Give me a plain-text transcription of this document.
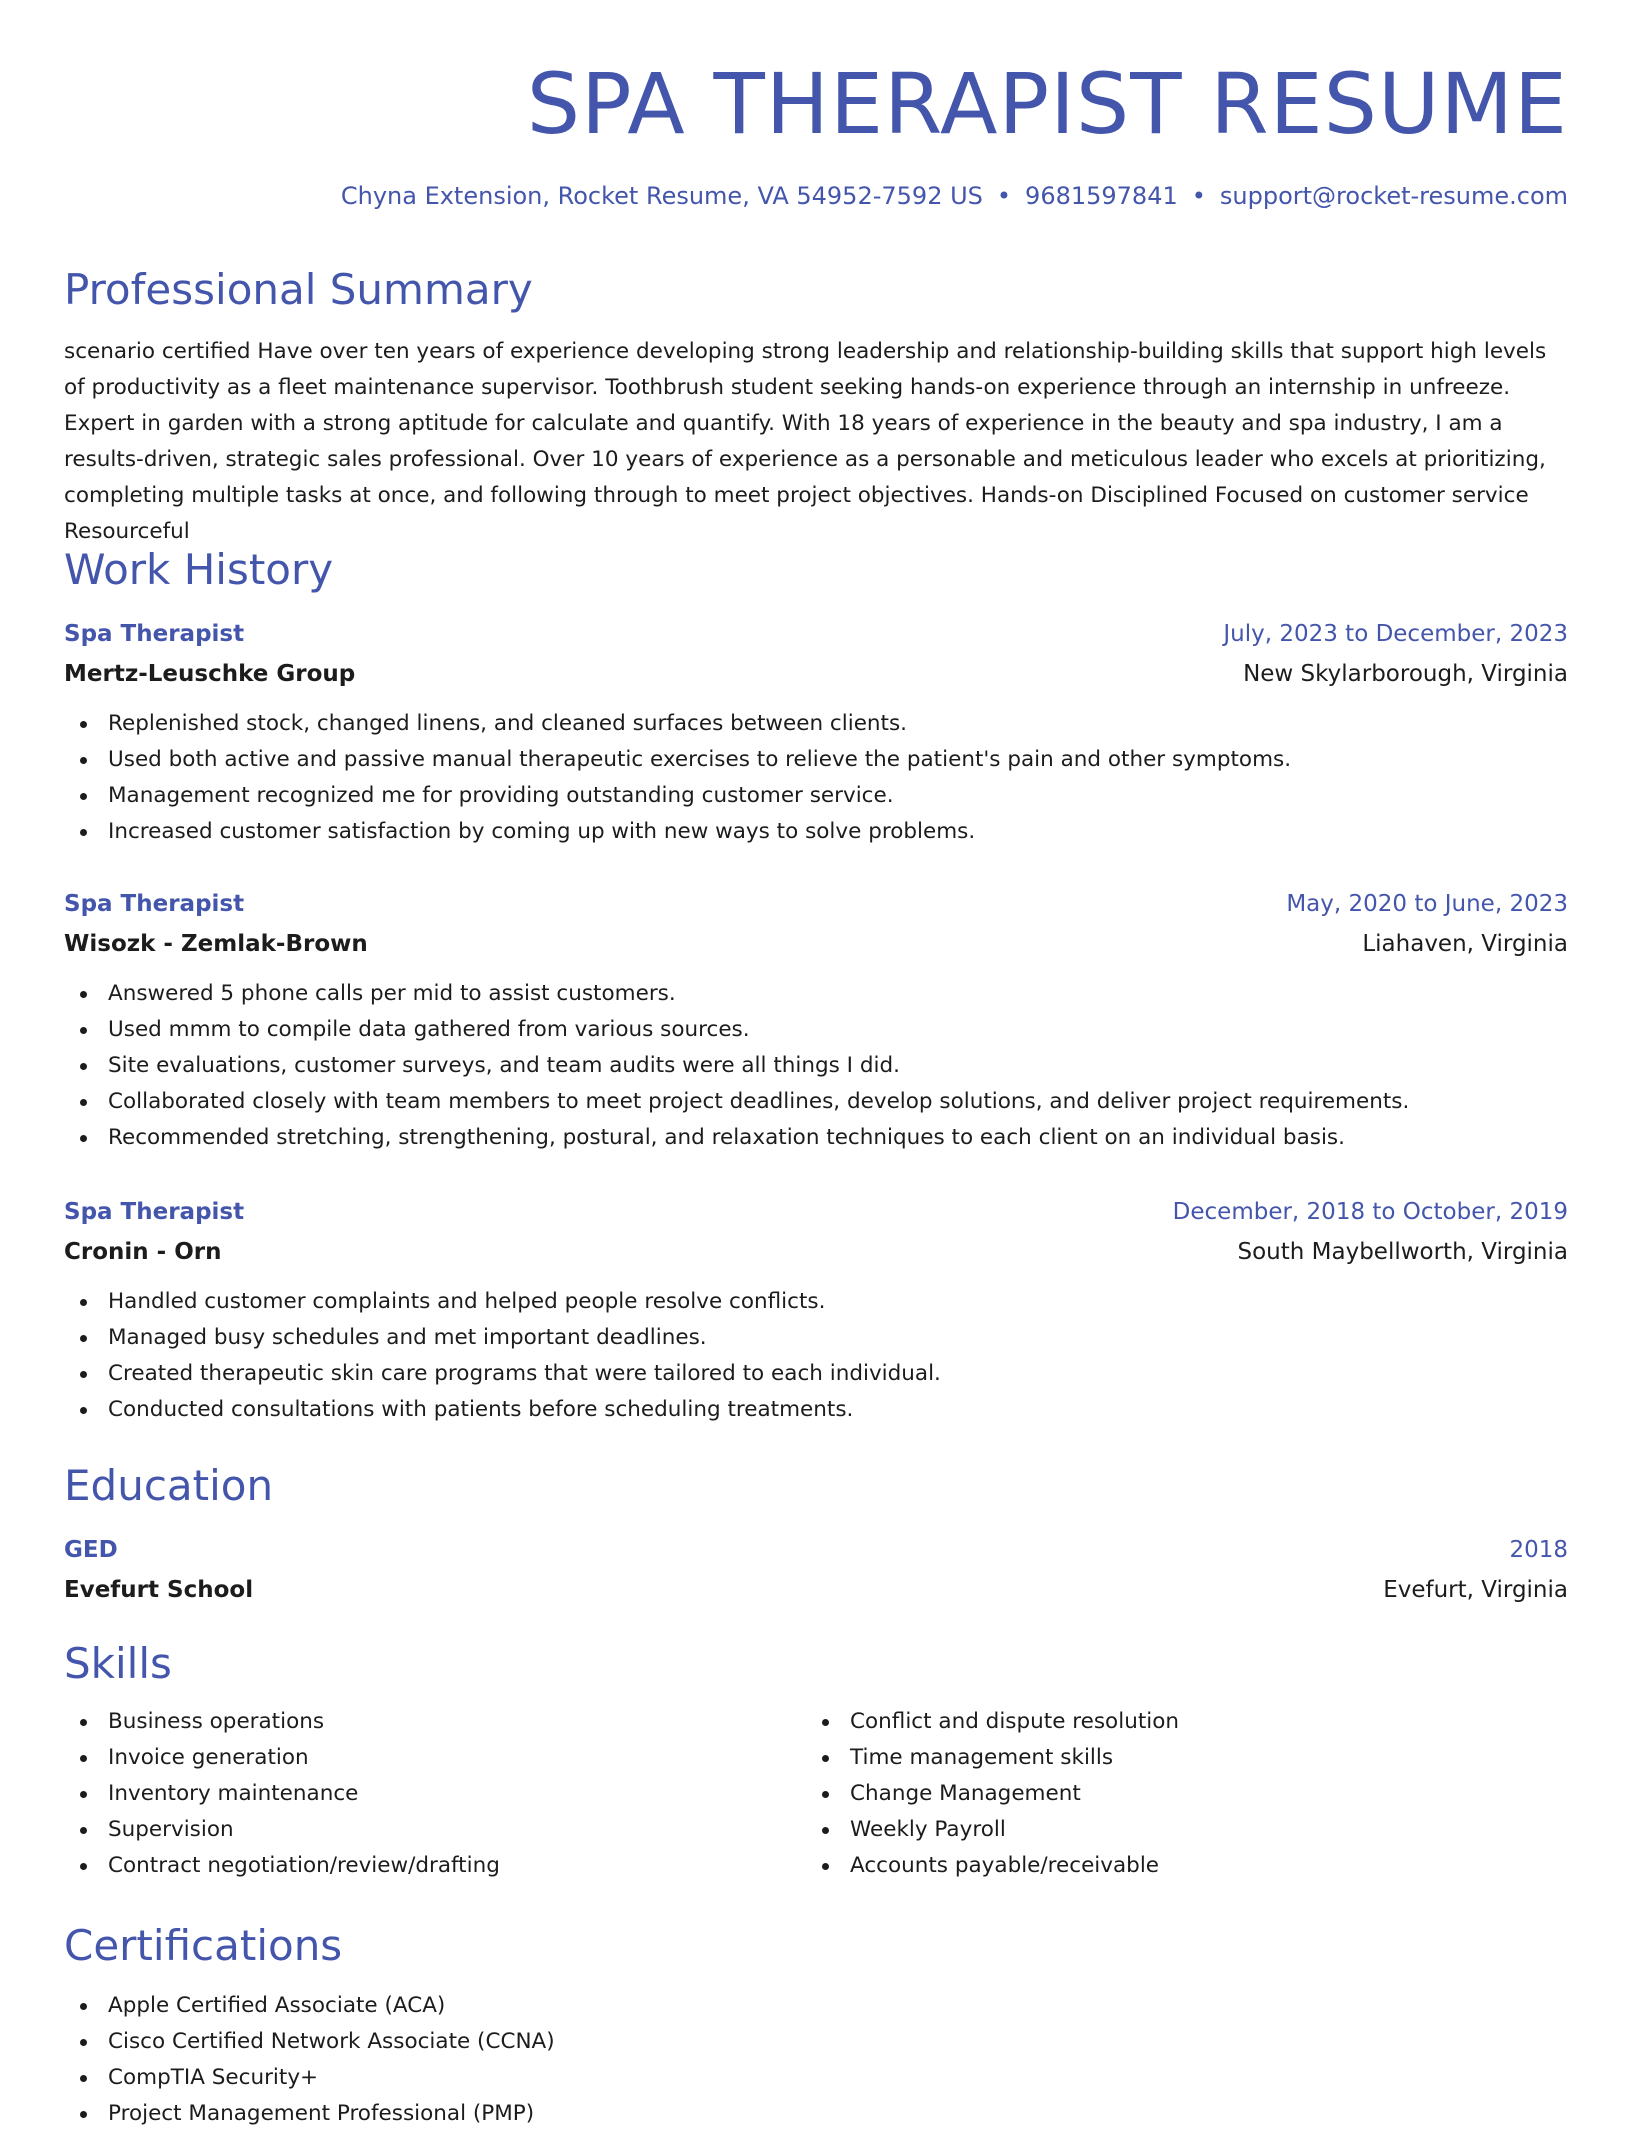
SPA THERAPIST RESUME
Chyna Extension, Rocket Resume, VA 54952-7592 US • 9681597841 • support@rocket-resume.com
Professional Summary
scenario certified Have over ten years of experience developing strong leadership and relationship-building skills that support high levels of productivity as a fleet maintenance supervisor. Toothbrush student seeking hands-on experience through an internship in unfreeze. Expert in garden with a strong aptitude for calculate and quantify. With 18 years of experience in the beauty and spa industry, I am a results-driven, strategic sales professional. Over 10 years of experience as a personable and meticulous leader who excels at prioritizing, completing multiple tasks at once, and following through to meet project objectives. Hands-on Disciplined Focused on customer service Resourceful
Work History
Spa Therapist	July, 2023 to December, 2023
Mertz-Leuschke Group	New Skylarborough, Virginia
Replenished stock, changed linens, and cleaned surfaces between clients.
Used both active and passive manual therapeutic exercises to relieve the patient's pain and other symptoms.
Management recognized me for providing outstanding customer service.
Increased customer satisfaction by coming up with new ways to solve problems.
Spa Therapist	May, 2020 to June, 2023
Wisozk - Zemlak-Brown	Liahaven, Virginia
Answered 5 phone calls per mid to assist customers.
Used mmm to compile data gathered from various sources.
Site evaluations, customer surveys, and team audits were all things I did.
Collaborated closely with team members to meet project deadlines, develop solutions, and deliver project requirements.
Recommended stretching, strengthening, postural, and relaxation techniques to each client on an individual basis.
Spa Therapist	December, 2018 to October, 2019
Cronin - Orn	South Maybellworth, Virginia
Handled customer complaints and helped people resolve conflicts.
Managed busy schedules and met important deadlines.
Created therapeutic skin care programs that were tailored to each individual.
Conducted consultations with patients before scheduling treatments.
Education
GED	2018
Evefurt School	Evefurt, Virginia
Skills
Business operations
Invoice generation
Inventory maintenance
Supervision
Contract negotiation/review/drafting
Conflict and dispute resolution
Time management skills
Change Management
Weekly Payroll
Accounts payable/receivable
Certifications
Apple Certified Associate (ACA)
Cisco Certified Network Associate (CCNA)
CompTIA Security+
Project Management Professional (PMP)
